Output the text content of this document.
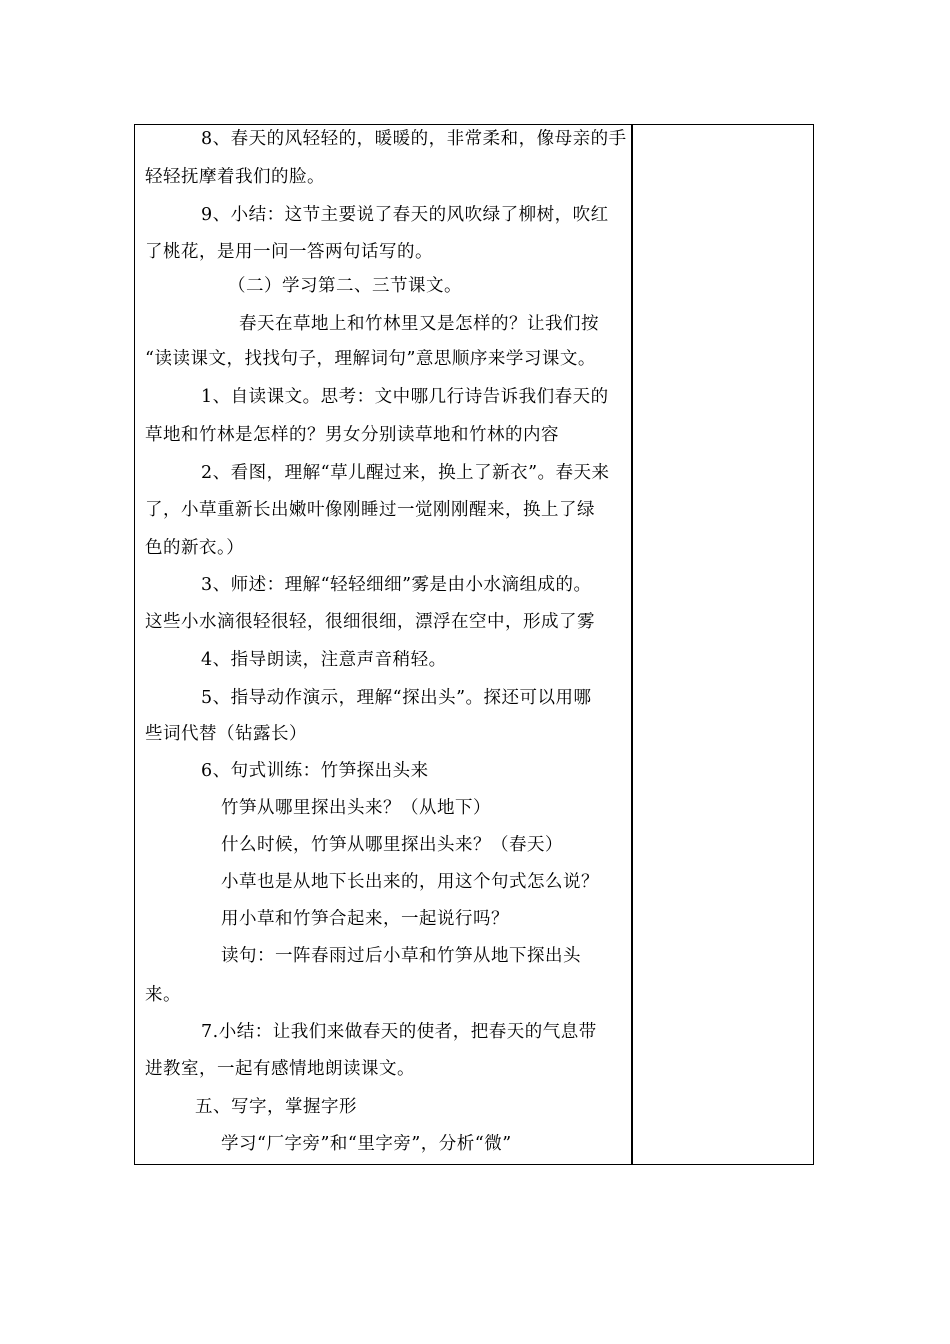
8、春天的风轻轻的，暖暖的，非常柔和，像母亲的手
轻轻抚摩着我们的脸。
9、小结：这节主要说了春天的风吹绿了柳树，吹红
了桃花，是用一问一答两句话写的。
（二）学习第二、三节课文。
春天在草地上和竹林里又是怎样的？让我们按
“读读课文，找找句子，理解词句”意思顺序来学习课文。
1、自读课文。思考：文中哪几行诗告诉我们春天的
草地和竹林是怎样的？男女分别读草地和竹林的内容
2、看图，理解“草儿醒过来，换上了新衣”。春天来
了，小草重新长出嫩叶像刚睡过一觉刚刚醒来，换上了绿
色的新衣。）
3、师述：理解“轻轻细细”雾是由小水滴组成的。
这些小水滴很轻很轻，很细很细，漂浮在空中，形成了雾
4、指导朗读，注意声音稍轻。
5、指导动作演示，理解“探出头”。探还可以用哪
些词代替（钻露长）
6、句式训练：竹笋探出头来
竹笋从哪里探出头来？（从地下）
什么时候，竹笋从哪里探出头来？（春天）
小草也是从地下长出来的，用这个句式怎么说？
用小草和竹笋合起来，一起说行吗？
读句：一阵春雨过后小草和竹笋从地下探出头
来。
7.小结：让我们来做春天的使者，把春天的气息带
进教室，一起有感情地朗读课文。
五、写字，掌握字形
学习“厂字旁”和“里字旁”，分析“微”
